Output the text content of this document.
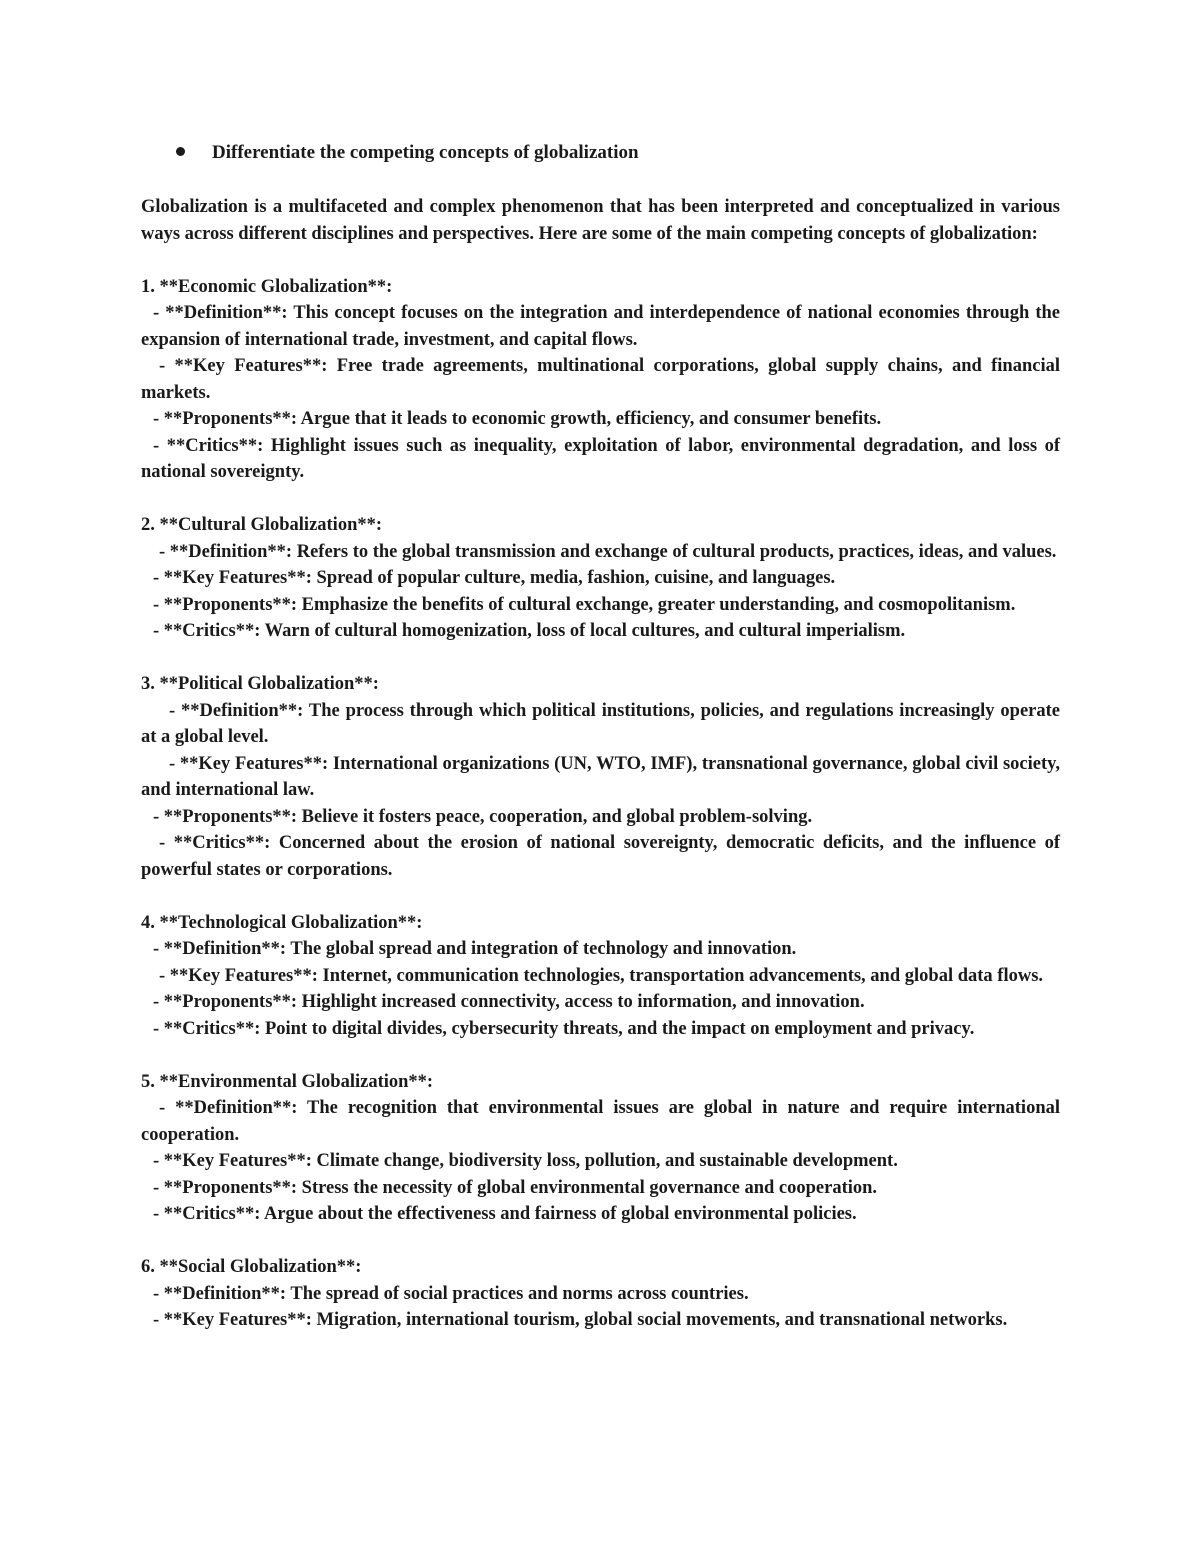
Differentiate the competing concepts of globalization

Globalization is a multifaceted and complex phenomenon that has been interpreted and conceptualized in various ways across different disciplines and perspectives. Here are some of the main competing concepts of globalization:

1. **Economic Globalization**:

- **Definition**: This concept focuses on the integration and interdependence of national economies through the expansion of international trade, investment, and capital flows.

- **Key Features**: Free trade agreements, multinational corporations, global supply chains, and financial markets.

- **Proponents**: Argue that it leads to economic growth, efficiency, and consumer benefits.

- **Critics**: Highlight issues such as inequality, exploitation of labor, environmental degradation, and loss of national sovereignty.

2. **Cultural Globalization**:

- **Definition**: Refers to the global transmission and exchange of cultural products, practices, ideas, and values.

- **Key Features**: Spread of popular culture, media, fashion, cuisine, and languages.

- **Proponents**: Emphasize the benefits of cultural exchange, greater understanding, and cosmopolitanism.

- **Critics**: Warn of cultural homogenization, loss of local cultures, and cultural imperialism.

3. **Political Globalization**:

- **Definition**: The process through which political institutions, policies, and regulations increasingly operate at a global level.

- **Key Features**: International organizations (UN, WTO, IMF), transnational governance, global civil society, and international law.

- **Proponents**: Believe it fosters peace, cooperation, and global problem-solving.

- **Critics**: Concerned about the erosion of national sovereignty, democratic deficits, and the influence of powerful states or corporations.

4. **Technological Globalization**:

- **Definition**: The global spread and integration of technology and innovation.

- **Key Features**: Internet, communication technologies, transportation advancements, and global data flows.

- **Proponents**: Highlight increased connectivity, access to information, and innovation.

- **Critics**: Point to digital divides, cybersecurity threats, and the impact on employment and privacy.

5. **Environmental Globalization**:

- **Definition**: The recognition that environmental issues are global in nature and require international cooperation.

- **Key Features**: Climate change, biodiversity loss, pollution, and sustainable development.

- **Proponents**: Stress the necessity of global environmental governance and cooperation.

- **Critics**: Argue about the effectiveness and fairness of global environmental policies.

6. **Social Globalization**:

- **Definition**: The spread of social practices and norms across countries.

- **Key Features**: Migration, international tourism, global social movements, and transnational networks.
